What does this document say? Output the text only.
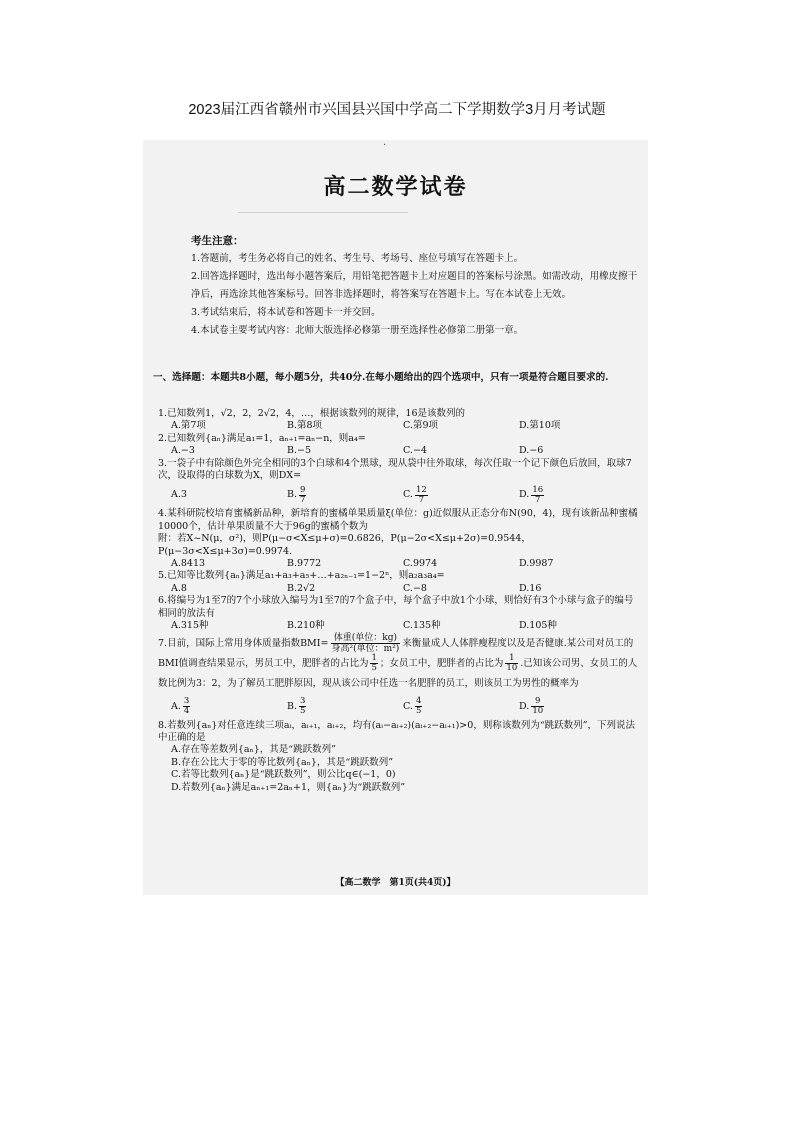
2023届江西省赣州市兴国县兴国中学高二下学期数学3月月考试题
·
高二数学试卷
考生注意：
1.答题前，考生务必将自己的姓名、考生号、考场号、座位号填写在答题卡上。
2.回答选择题时，选出每小题答案后，用铅笔把答题卡上对应题目的答案标号涂黑。如需改动，用橡皮擦干净后，再选涂其他答案标号。回答非选择题时，将答案写在答题卡上。写在本试卷上无效。
3.考试结束后，将本试卷和答题卡一并交回。
4.本试卷主要考试内容：北师大版选择必修第一册至选择性必修第二册第一章。
一、选择题：本题共8小题，每小题5分，共40分.在每小题给出的四个选项中，只有一项是符合题目要求的.
1.已知数列1，√2，2，2√2，4，…，根据该数列的规律，16是该数列的
A.第7项	B.第8项	C.第9项	D.第10项
2.已知数列{aₙ}满足a₁=1，aₙ₊₁=aₙ−n，则a₄=
A.−3	B.−5	C.−4	D.−6
3.一袋子中有除颜色外完全相同的3个白球和4个黑球，现从袋中往外取球，每次任取一个记下颜色后放回，取球7次，设取得的白球数为X，则DX=
A.3	B. $\frac{9}{7}$	C. $\frac{12}{7}$	D. $\frac{16}{7}$
4.某科研院校培育蜜橘新品种，新培育的蜜橘单果质量ξ(单位：g)近似服从正态分布N(90，4)，现有该新品种蜜橘10000个，估计单果质量不大于96g的蜜橘个数为
附：若X~N(μ，σ²)，则P(μ−σ<X≤μ+σ)=0.6826，P(μ−2σ<X≤μ+2σ)=0.9544，P(μ−3σ<X≤μ+3σ)=0.9974.
A.8413	B.9772	C.9974	D.9987
5.已知等比数列{aₙ}满足a₁+a₃+a₅+…+a₂ₙ₋₁=1−2ⁿ，则a₂a₃a₄=
A.8	B.2√2	C.−8	D.16
6.将编号为1至7的7个小球放入编号为1至7的7个盒子中，每个盒子中放1个小球，则恰好有3个小球与盒子的编号相同的放法有
A.315种	B.210种	C.135种	D.105种
7.目前，国际上常用身体质量指数$BMI= \frac{\text{体重(单位：kg)}}{\text{身高²(单位：m²)}}$ 来衡量成人人体胖瘦程度以及是否健康.某公司对员工的BMI值调查结果显示，男员工中，肥胖者的占比为 $\frac{1}{5}$ ；女员工中，肥胖者的占比为 $\frac{1}{10}$ .已知该公司男、女员工的人数比例为3：2，为了解员工肥胖原因，现从该公司中任选一名肥胖的员工，则该员工为男性的概率为
A. $\frac{3}{4}$	B. $\frac{3}{5}$	C. $\frac{4}{5}$	D. $\frac{9}{10}$
8.若数列{aₙ}对任意连续三项aᵢ，aᵢ₊₁，aᵢ₊₂，均有(aᵢ−aᵢ₊₂)(aᵢ₊₂−aᵢ₊₁)>0，则称该数列为“跳跃数列”，下列说法中正确的是
A.存在等差数列{aₙ}，其是“跳跃数列”
B.存在公比大于零的等比数列{aₙ}，其是“跳跃数列”
C.若等比数列{aₙ}是“跳跃数列”，则公比q∈(−1，0)
D.若数列{aₙ}满足aₙ₊₁=2aₙ+1，则{aₙ}为“跳跃数列”
【高二数学　第1页(共4页)】
